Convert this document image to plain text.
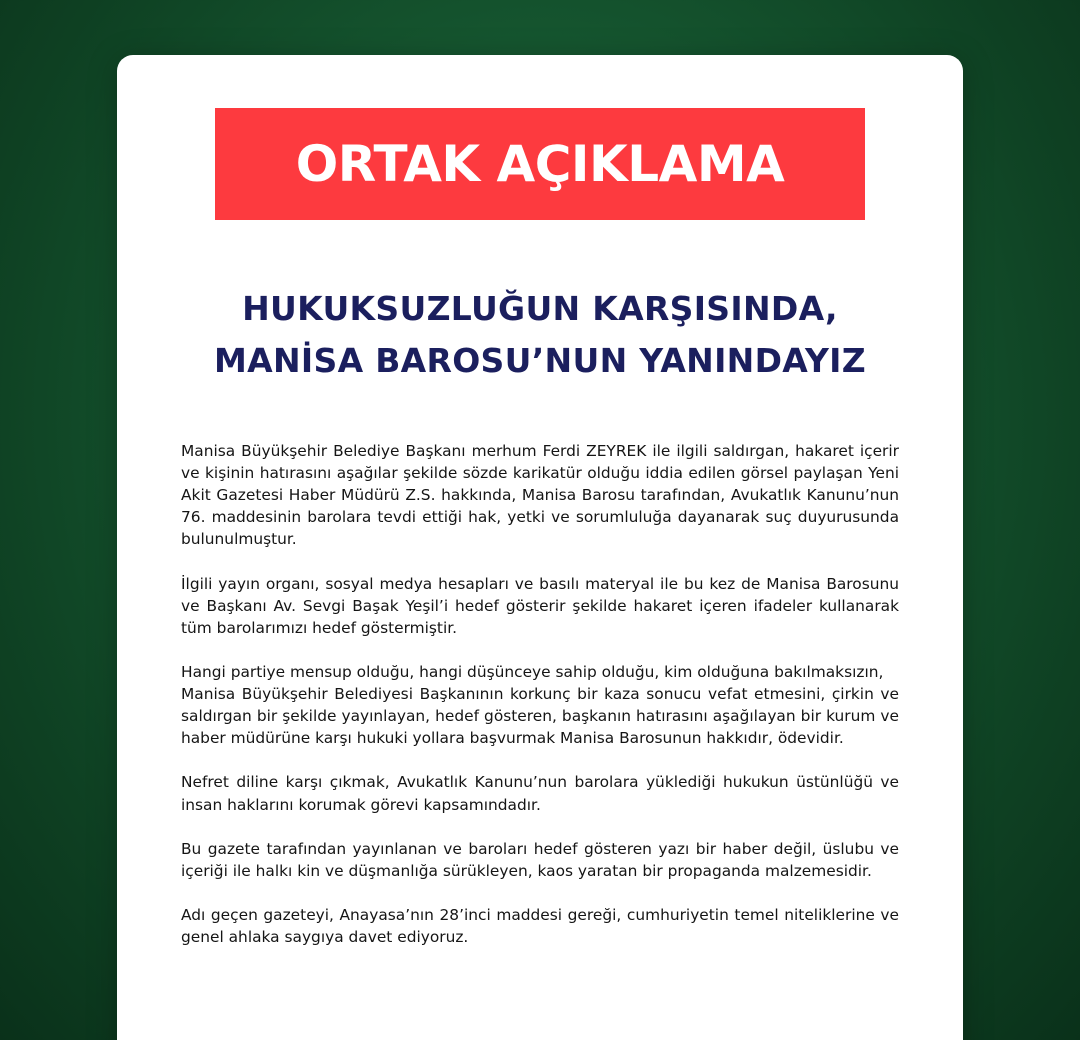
ORTAK AÇIKLAMA
HUKUKSUZLUĞUN KARŞISINDA,
MANİSA BAROSU’NUN YANINDAYIZ

Manisa Büyükşehir Belediye Başkanı merhum Ferdi ZEYREK ile ilgili saldırgan, hakaret içerir ve kişinin hatırasını aşağılar şekilde sözde karikatür olduğu iddia edilen görsel paylaşan Yeni Akit Gazetesi Haber Müdürü Z.S. hakkında, Manisa Barosu tarafından, Avukatlık Kanunu’nun 76. maddesinin barolara tevdi ettiği hak, yetki ve sorumluluğa dayanarak suç duyurusunda bulunulmuştur.

İlgili yayın organı, sosyal medya hesapları ve basılı materyal ile bu kez de Manisa Barosunu ve Başkanı Av. Sevgi Başak Yeşil’i hedef gösterir şekilde hakaret içeren ifadeler kullanarak tüm barolarımızı hedef göstermiştir.

Hangi partiye mensup olduğu, hangi düşünceye sahip olduğu, kim olduğuna bakılmaksızın,
Manisa Büyükşehir Belediyesi Başkanının korkunç bir kaza sonucu vefat etmesini, çirkin ve saldırgan bir şekilde yayınlayan, hedef gösteren, başkanın hatırasını aşağılayan bir kurum ve haber müdürüne karşı hukuki yollara başvurmak Manisa Barosunun hakkıdır, ödevidir.

Nefret diline karşı çıkmak, Avukatlık Kanunu’nun barolara yüklediği hukukun üstünlüğü ve insan haklarını korumak görevi kapsamındadır.

Bu gazete tarafından yayınlanan ve baroları hedef gösteren yazı bir haber değil, üslubu ve içeriği ile halkı kin ve düşmanlığa sürükleyen, kaos yaratan bir propaganda malzemesidir.

Adı geçen gazeteyi, Anayasa’nın 28’inci maddesi gereği, cumhuriyetin temel niteliklerine ve genel ahlaka saygıya davet ediyoruz.
